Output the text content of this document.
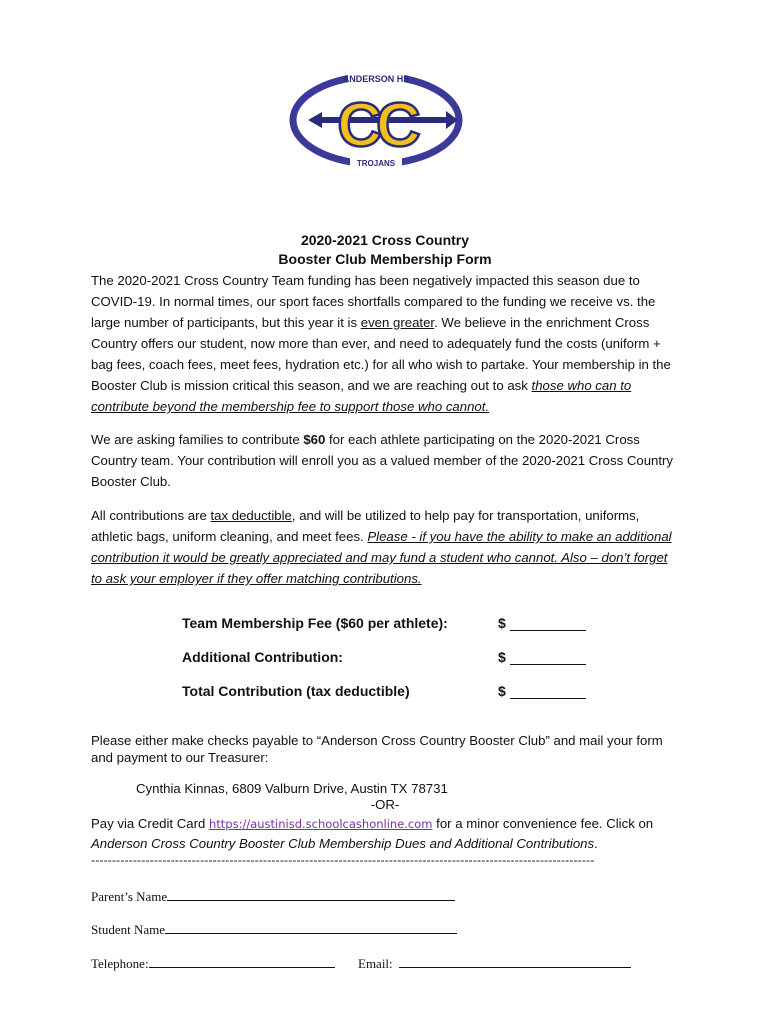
ANDERSON HS
TROJANS
CC
2020-2021 Cross Country
Booster Club Membership Form

The 2020-2021 Cross Country Team funding has been negatively impacted this season due to COVID-19. In normal times, our sport faces shortfalls compared to the funding we receive vs. the large number of participants, but this year it is even greater. We believe in the enrichment Cross Country offers our student, now more than ever, and need to adequately fund the costs (uniform + bag fees, coach fees, meet fees, hydration etc.) for all who wish to partake. Your membership in the Booster Club is mission critical this season, and we are reaching out to ask those who can to contribute beyond the membership fee to support those who cannot.

We are asking families to contribute $60 for each athlete participating on the 2020-2021 Cross Country team. Your contribution will enroll you as a valued member of the 2020-2021 Cross Country Booster Club.

All contributions are tax deductible, and will be utilized to help pay for transportation, uniforms, athletic bags, uniform cleaning, and meet fees. Please - if you have the ability to make an additional contribution it would be greatly appreciated and may fund a student who cannot. Also – don’t forget to ask your employer if they offer matching contributions.

Team Membership Fee ($60 per athlete):	$
Additional Contribution:	$
Total Contribution (tax deductible)	$
Please either make checks payable to “Anderson Cross Country Booster Club” and mail your form and payment to our Treasurer:
Cynthia Kinnas, 6809 Valburn Drive, Austin TX 78731
-OR-
Pay via Credit Card https://austinisd.schoolcashonline.com for a minor convenience fee. Click on Anderson Cross Country Booster Club Membership Dues and Additional Contributions.
------------------------------------------------------------------------------------------------------------------------
Parent’s Name
Student Name
Telephone:	Email:
